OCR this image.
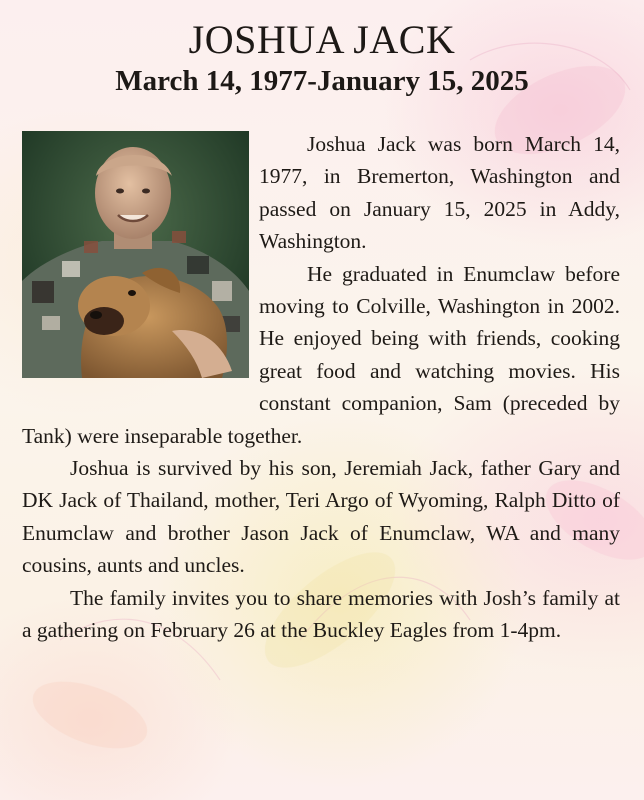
JOSHUA JACK
March 14, 1977-January 15, 2025

Joshua Jack was born March 14, 1977, in Bremerton, Washington and passed on January 15, 2025 in Addy, Washington.

He graduated in Enumclaw before moving to Colville, Washington in 2002. He enjoyed being with friends, cooking great food and watching movies. His constant companion, Sam (preceded by Tank) were inseparable together.

Joshua is survived by his son, Jeremiah Jack, father Gary and DK Jack of Thailand, mother, Teri Argo of Wyoming, Ralph Ditto of Enumclaw and brother Jason Jack of Enumclaw, WA and many cousins, aunts and uncles.

The family invites you to share memories with Josh’s family at a gathering on February 26 at the Buckley Eagles from 1-4pm.
